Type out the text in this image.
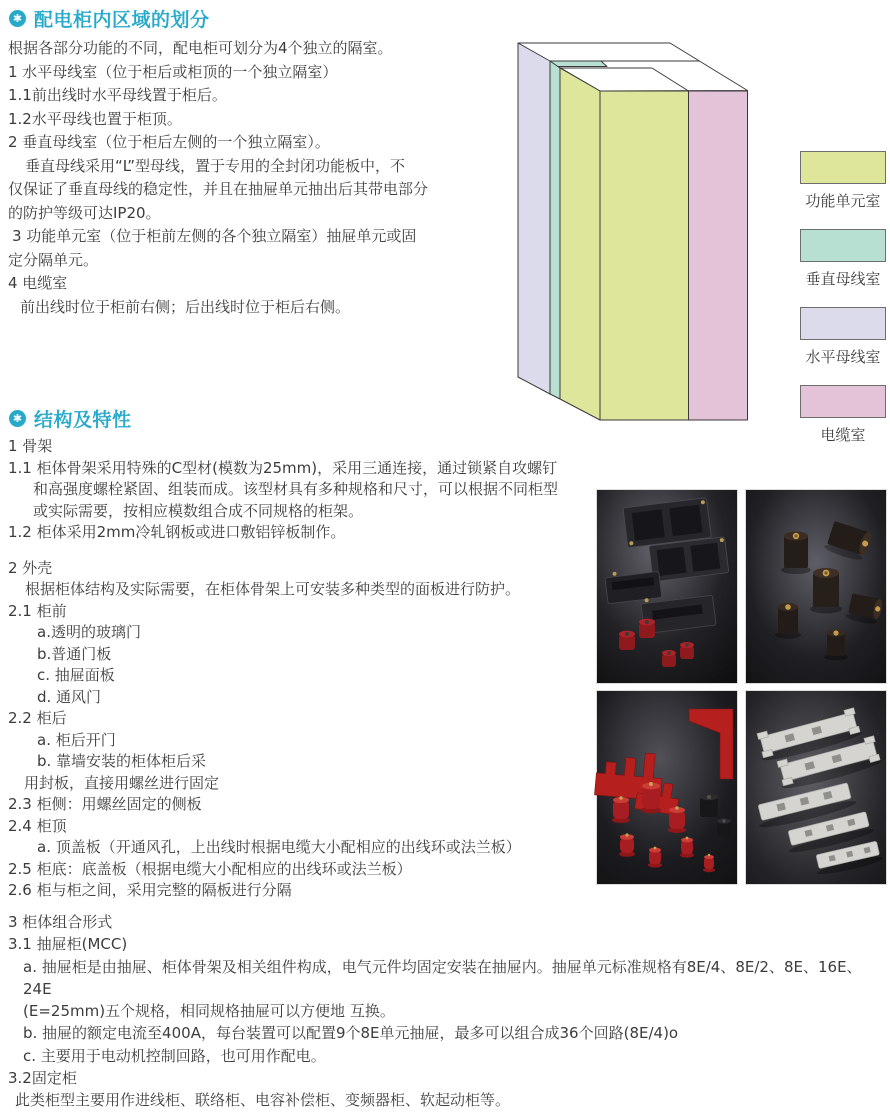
✱
配电柜内区域的划分
根据各部分功能的不同，配电柜可划分为4个独立的隔室。
1 水平母线室（位于柜后或柜顶的一个独立隔室）
1.1前出线时水平母线置于柜后。
1.2水平母线也置于柜顶。
2 垂直母线室（位于柜后左侧的一个独立隔室）。
垂直母线采用“L”型母线，置于专用的全封闭功能板中，不
仅保证了垂直母线的稳定性，并且在抽屉单元抽出后其带电部分
的防护等级可达IP20。
3 功能单元室（位于柜前左侧的各个独立隔室）抽屉单元或固
定分隔单元。
4 电缆室
前出线时位于柜前右侧；后出线时位于柜后右侧。
功能单元室
垂直母线室
水平母线室
电缆室
✱
结构及特性
1 骨架
1.1 柜体骨架采用特殊的C型材(模数为25mm)，采用三通连接，通过锁紧自攻螺钉
和高强度螺栓紧固、组装而成。该型材具有多种规格和尺寸，可以根据不同柜型
或实际需要，按相应模数组合成不同规格的柜架。
1.2 柜体采用2mm冷轧钢板或进口敷铝锌板制作。
2 外壳
根据柜体结构及实际需要，在柜体骨架上可安装多种类型的面板进行防护。
2.1 柜前
a.透明的玻璃门
b.普通门板
c. 抽屉面板
d. 通风门
2.2 柜后
a. 柜后开门
b. 靠墙安装的柜体柜后采
用封板，直接用螺丝进行固定
2.3 柜侧：用螺丝固定的侧板
2.4 柜顶
a. 顶盖板（开通风孔，上出线时根据电缆大小配相应的出线环或法兰板）
2.5 柜底：底盖板（根据电缆大小配相应的出线环或法兰板）
2.6 柜与柜之间，采用完整的隔板进行分隔
3 柜体组合形式
3.1 抽屉柜(MCC)
a. 抽屉柜是由抽屉、柜体骨架及相关组件构成，电气元件均固定安装在抽屉内。抽屉单元标准规格有8E/4、8E/2、8E、16E、24E
(E=25mm)五个规格，相同规格抽屉可以方便地 互换。
b. 抽屉的额定电流至400A，每台装置可以配置9个8E单元抽屉，最多可以组合成36个回路(8E/4)o
c. 主要用于电动机控制回路，也可用作配电。
3.2固定柜
此类柜型主要用作进线柜、联络柜、电容补偿柜、变频器柜、软起动柜等。
